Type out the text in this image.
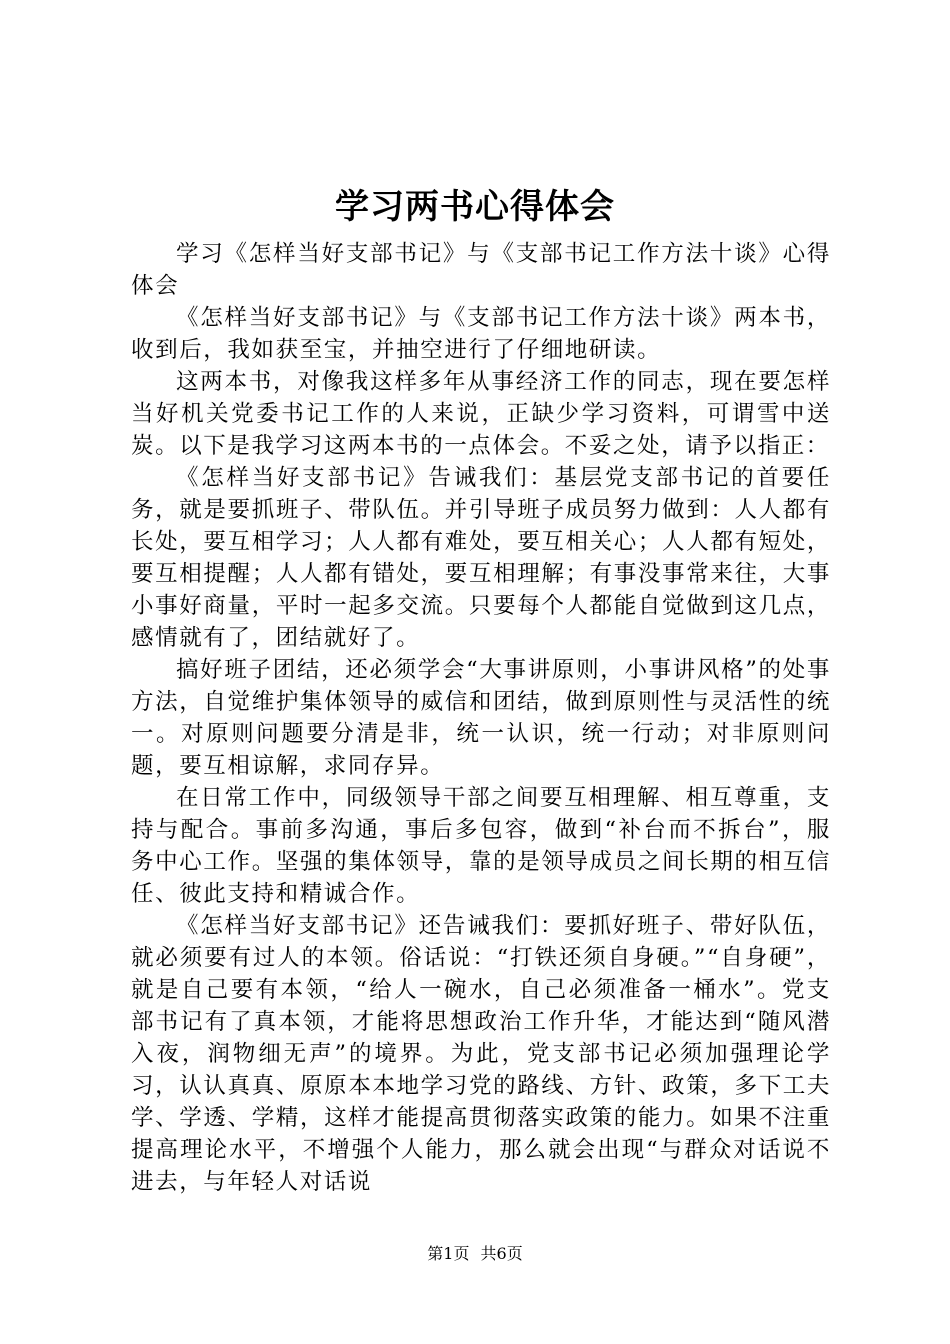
学习两书心得体会

学习《怎样当好支部书记》与《支部书记工作方法十谈》心得体会

《怎样当好支部书记》与《支部书记工作方法十谈》两本书，收到后，我如获至宝，并抽空进行了仔细地研读。

这两本书，对像我这样多年从事经济工作的同志，现在要怎样当好机关党委书记工作的人来说，正缺少学习资料，可谓雪中送炭。以下是我学习这两本书的一点体会。不妥之处，请予以指正：

《怎样当好支部书记》告诫我们：基层党支部书记的首要任务，就是要抓班子、带队伍。并引导班子成员努力做到：人人都有长处，要互相学习；人人都有难处，要互相关心；人人都有短处，要互相提醒；人人都有错处，要互相理解；有事没事常来往，大事小事好商量，平时一起多交流。只要每个人都能自觉做到这几点，感情就有了，团结就好了。

搞好班子团结，还必须学会“大事讲原则，小事讲风格”的处事方法，自觉维护集体领导的威信和团结，做到原则性与灵活性的统一。对原则问题要分清是非，统一认识，统一行动；对非原则问题，要互相谅解，求同存异。

在日常工作中，同级领导干部之间要互相理解、相互尊重，支持与配合。事前多沟通，事后多包容，做到“补台而不拆台”，服务中心工作。坚强的集体领导，靠的是领导成员之间长期的相互信任、彼此支持和精诚合作。

《怎样当好支部书记》还告诫我们：要抓好班子、带好队伍，就必须要有过人的本领。俗话说：“打铁还须自身硬。”“自身硬”，就是自己要有本领，“给人一碗水，自己必须准备一桶水”。党支部书记有了真本领，才能将思想政治工作升华，才能达到“随风潜入夜，润物细无声”的境界。为此，党支部书记必须加强理论学习，认认真真、原原本本地学习党的路线、方针、政策，多下工夫学、学透、学精，这样才能提高贯彻落实政策的能力。如果不注重提高理论水平，不增强个人能力，那么就会出现“与群众对话说不进去，与年轻人对话说

第1页 共6页
